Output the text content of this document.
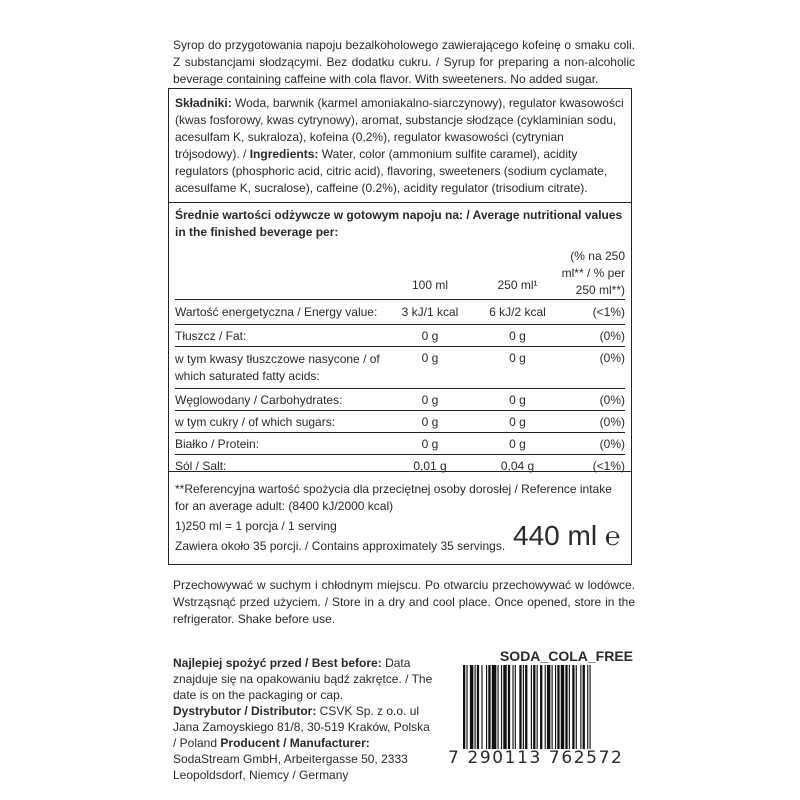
Syrop do przygotowania napoju bezalkoholowego zawierającego kofeinę o smaku coli. Z substancjami słodzącymi. Bez dodatku cukru. / Syrup for preparing a non-alcoholic beverage containing caffeine with cola flavor. With sweeteners. No added sugar.
Składniki: Woda, barwnik (karmel amoniakalno-siarczynowy), regulator kwasowości (kwas fosforowy, kwas cytrynowy), aromat, substancje słodzące (cyklaminian sodu, acesulfam K, sukraloza), kofeina (0,2%), regulator kwasowości (cytrynian trójsodowy). / Ingredients: Water, color (ammonium sulfite caramel), acidity regulators (phosphoric acid, citric acid), flavoring, sweeteners (sodium cyclamate, acesulfame K, sucralose), caffeine (0.2%), acidity regulator (trisodium citrate).
Średnie wartości odżywcze w gotowym napoju na: / Average nutritional values in the finished beverage per:
	100 ml	250 ml¹	(% na 250 ml** / % per 250 ml**)
Wartość energetyczna / Energy value:	3 kJ/1 kcal	6 kJ/2 kcal	(<1%)
Tłuszcz / Fat:	0 g	0 g	(0%)
w tym kwasy tłuszczowe nasycone / of which saturated fatty acids:	0 g	0 g	(0%)
Węglowodany / Carbohydrates:	0 g	0 g	(0%)
w tym cukry / of which sugars:	0 g	0 g	(0%)
Białko / Protein:	0 g	0 g	(0%)
Sól / Salt:	0,01 g	0,04 g	(<1%)
**Referencyjna wartość spożycia dla przeciętnej osoby dorosłej / Reference intake for an average adult: (8400 kJ/2000 kcal)
1)250 ml = 1 porcja / 1 serving
Zawiera około 35 porcji. / Contains approximately 35 servings. 440 ml ℮
Przechowywać w suchym i chłodnym miejscu. Po otwarciu przechowywać w lodówce. Wstrząsnąć przed użyciem. / Store in a dry and cool place. Once opened, store in the refrigerator. Shake before use.
Najlepiej spożyć przed / Best before: Data znajduje się na opakowaniu bądź zakrętce. / The date is on the packaging or cap.
Dystrybutor / Distributor: CSVK Sp. z o.o. ul Jana Zamoyskiego 81/8, 30-519 Kraków, Polska / Poland Producent / Manufacturer: SodaStream GmbH, Arbeitergasse 50, 2333 Leopoldsdorf, Niemcy / Germany
SODA_COLA_FREE
7 290113 762572
